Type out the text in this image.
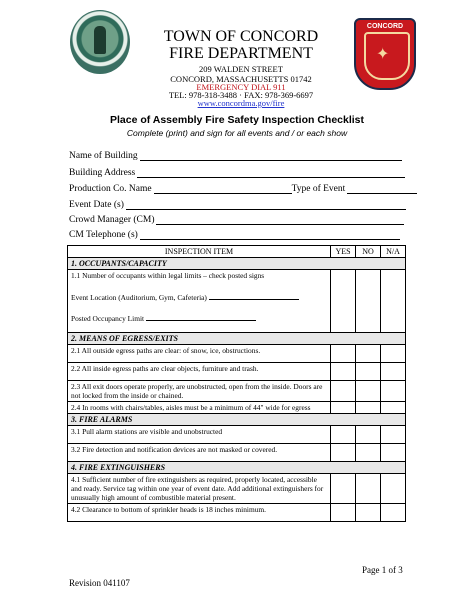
CONCORD
✦
TOWN OF CONCORD
FIRE DEPARTMENT
209 WALDEN STREET
CONCORD, MASSACHUSETTS 01742
EMERGENCY DIAL 911
TEL: 978-318-3488 · FAX: 978-369-6697
www.concordma.gov/fire
Place of Assembly Fire Safety Inspection Checklist
Complete (print) and sign for all events and / or each show
Name of Building
Building Address
Production Co. Name	Type of Event
Event Date (s)
Crowd Manager (CM)
CM Telephone (s)
INSPECTION ITEM	YES	NO	N/A
1. OCCUPANTS/CAPACITY			

1.1 Number of occupants within legal limits – check posted signs
Event Location (Auditorium, Gym, Cafeteria)
Posted Occupancy Limit			

2. MEANS OF EGRESS/EXITS			
2.1 All outside egress paths are clear: of snow, ice, obstructions.			
2.2 All inside egress paths are clear objects, furniture and trash.			
2.3 All exit doors operate properly, are unobstructed, open from the inside. Doors are not locked from the inside or chained.			
2.4 In rooms with chairs/tables, aisles must be a minimum of 44" wide for egress			
3. FIRE ALARMS			
3.1 Pull alarm stations are visible and unobstructed			
3.2 Fire detection and notification devices are not masked or covered.			
4. FIRE EXTINGUISHERS			
4.1 Sufficient number of fire extinguishers as required, properly located, accessible and ready. Service tag within one year of event date. Add additional extinguishers for unusually high amount of combustible material present.			
4.2 Clearance to bottom of sprinkler heads is 18 inches minimum.			
Page 1 of 3
Revision 041107
